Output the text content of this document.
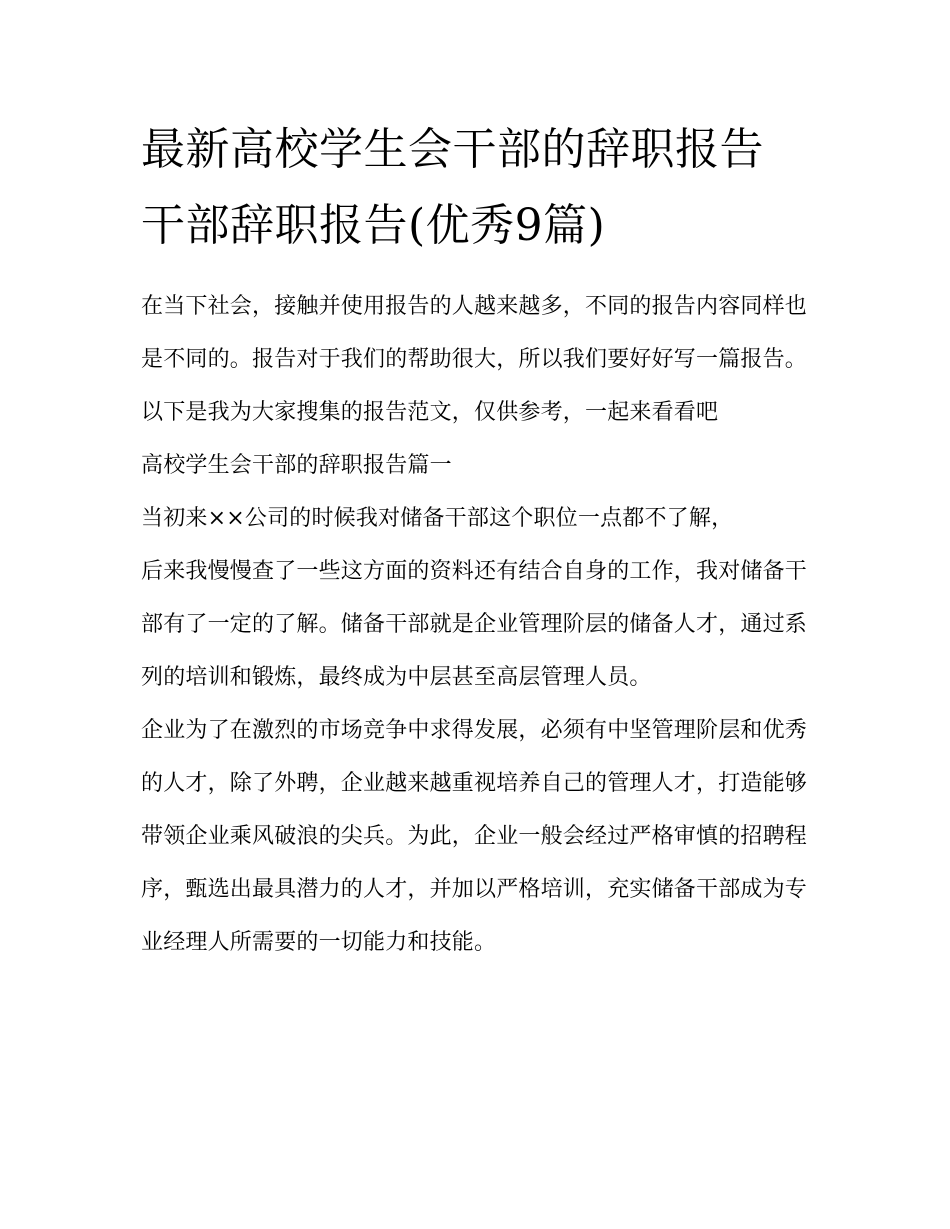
最新高校学生会干部的辞职报告 干部辞职报告(优秀9篇)

在当下社会，接触并使用报告的人越来越多，不同的报告内容同样也是不同的。报告对于我们的帮助很大，所以我们要好好写一篇报告。以下是我为大家搜集的报告范文，仅供参考，一起来看看吧

高校学生会干部的辞职报告篇一

当初来××公司的时候我对储备干部这个职位一点都不了解，

后来我慢慢查了一些这方面的资料还有结合自身的工作，我对储备干部有了一定的了解。储备干部就是企业管理阶层的储备人才，通过系列的培训和锻炼，最终成为中层甚至高层管理人员。

企业为了在激烈的市场竞争中求得发展，必须有中坚管理阶层和优秀的人才，除了外聘，企业越来越重视培养自己的管理人才，打造能够带领企业乘风破浪的尖兵。为此，企业一般会经过严格审慎的招聘程序，甄选出最具潜力的人才，并加以严格培训，充实储备干部成为专业经理人所需要的一切能力和技能。
